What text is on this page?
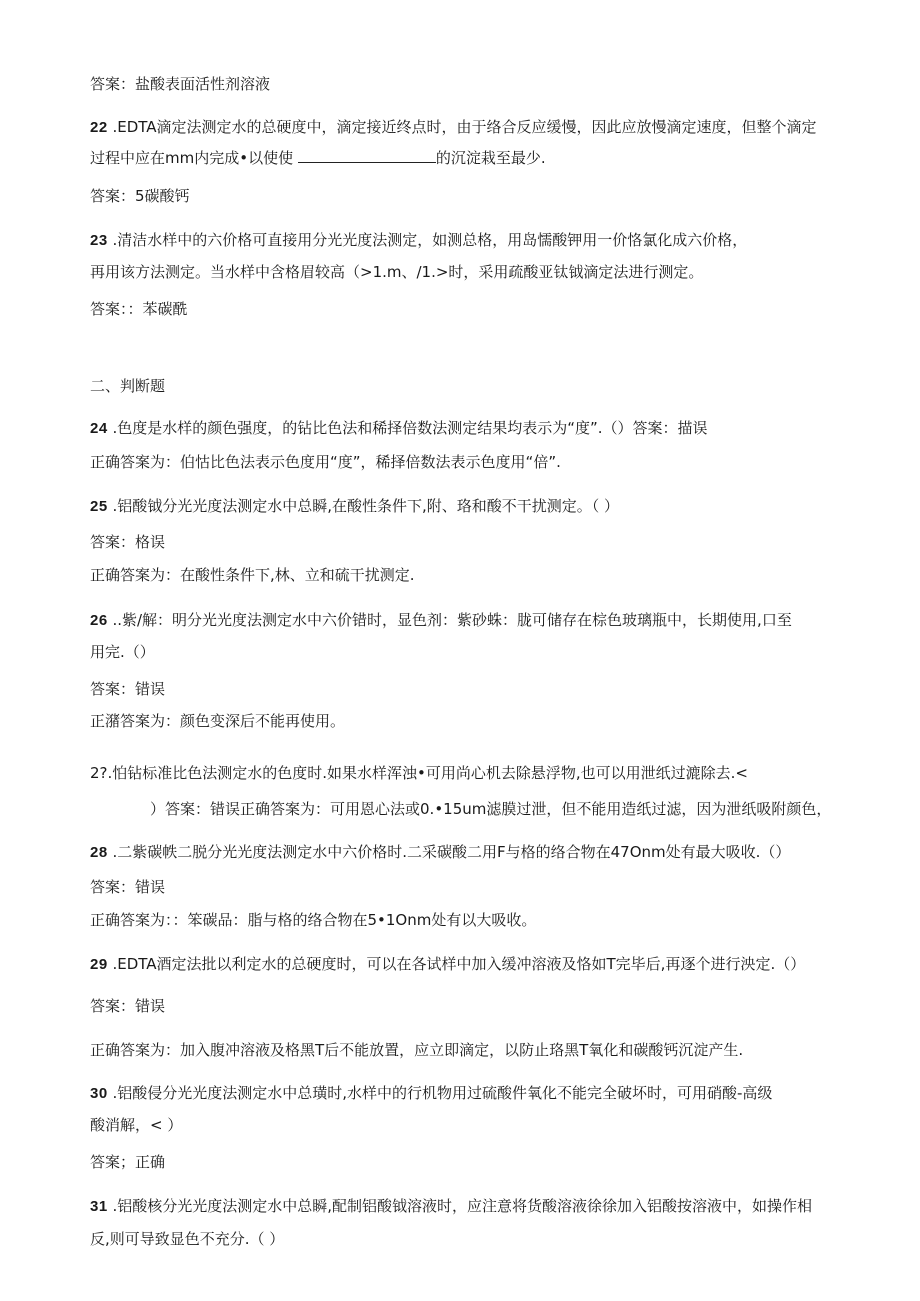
答案：盐酸表面活性剂溶液
22 .EDTA滴定法测定水的总硬度中，滴定接近终点时，由于络合反应缓慢，因此应放慢滴定速度，但整个滴定
过程中应在mm内完成•以使使	的沉淀栽至最少.
答案：5碳酸钙
23 .清洁水样中的六价格可直接用分光光度法测定，如测总格，用岛懦酸钾用一价恪氯化成六价格，
再用该方法测定。当水样中含格眉较高（>1.m、/1.>时，采用疏酸亚钛钺滴定法进行测定。
答案：：苯碳酰
二、判断题
24 .色度是水样的颜色强度，的钻比色法和稀择倍数法测定结果均表示为“度”.（）答案：描误
正确答案为：伯怙比色法表示色度用“度”，稀择倍数法表示色度用“倍”.
25 .铝酸钺分光光度法测定水中总瞬,在酸性条件下,附、珞和酸不干扰测定。（ ）
答案：格误
正确答案为：在酸性条件下,林、立和硫干扰测定.
26 ..紫/解：明分光光度法测定水中六价错时，显色剂：紫砂蛛：胧可储存在棕色玻璃瓶中，长期使用,口至
用完.（）
答案：错误
正潴答案为：颜色变深后不能再使用。
2?.怕钻标准比色法测定水的色度时.如果水样浑浊•可用尚心机去除悬浮物,也可以用泄纸过漉除去.<
）答案：错误正确答案为：可用恩心法或0.•15um滤膜过泄，但不能用造纸过滤，因为泄纸吸附颜色，
28 .二紫碳帙二脱分光光度法测定水中六价格时.二采碳酸二用F与格的络合物在47Onm处有最大吸收.（）
答案：错误
正确答案为：：笨碳品：脂与格的络合物在5•1Onm处有以大吸收。
29 .EDTA酒定法批以利定水的总硬度时，可以在各试样中加入缓冲溶液及恪如T完毕后,再逐个进行泱定.（）
答案：错误
正确答案为：加入腹冲溶液及格黑T后不能放置，应立即滴定，以防止珞黑T氧化和碳酸钙沉淀产生.
30 .铝酸侵分光光度法测定水中总璜时,水样中的行机物用过硫酸件氧化不能完全破坏时，可用硝酸-高级
酸消解，< ）
答案；正确
31 .铝酸核分光光度法测定水中总瞬,配制铝酸钺溶液时，应注意将货酸溶液徐徐加入铝酸按溶液中，如操作相
反,则可导致显色不充分.（ ）
